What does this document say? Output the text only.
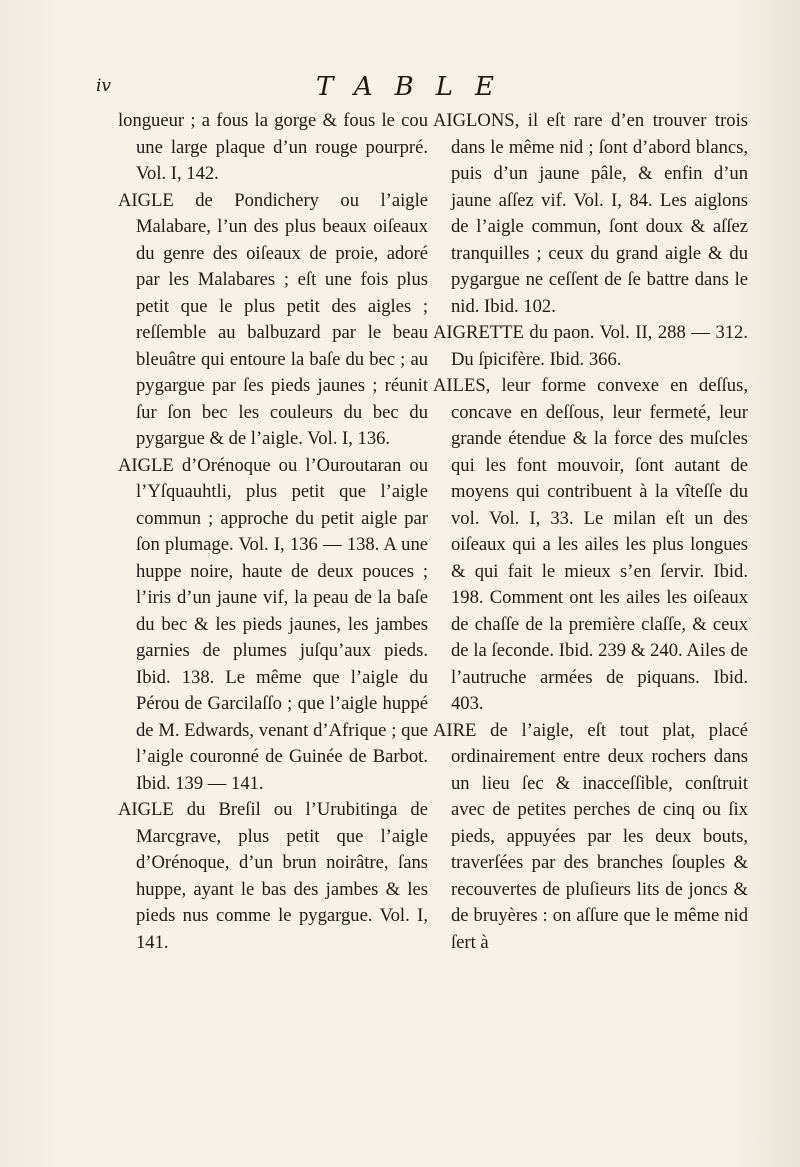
iv	TABLE

longueur ; a fous la gorge & fous le cou une large plaque d’un rouge pourpré. Vol. I, 142.

AIGLE de Pondichery ou l’aigle Malabare, l’un des plus beaux oiſeaux du genre des oiſeaux de proie, adoré par les Malabares ; eſt une fois plus petit que le plus petit des aigles ; reſſemble au balbuzard par le beau bleuâtre qui entoure la baſe du bec ; au pygargue par ſes pieds jaunes ; réunit ſur ſon bec les couleurs du bec du pygargue & de l’aigle. Vol. I, 136.

AIGLE d’Orénoque ou l’Ouroutaran ou l’Yſquauhtli, plus petit que l’aigle commun ; approche du petit aigle par ſon plumage. Vol. I, 136 — 138. A une huppe noire, haute de deux pouces ; l’iris d’un jaune vif, la peau de la baſe du bec & les pieds jaunes, les jambes garnies de plumes juſqu’aux pieds. Ibid. 138. Le même que l’aigle du Pérou de Garcilaſſo ; que l’aigle huppé de M. Edwards, venant d’Afrique ; que l’aigle couronné de Guinée de Barbot. Ibid. 139 — 141.

AIGLE du Breſil ou l’Urubitinga de Marcgrave, plus petit que l’aigle d’Orénoque, d’un brun noirâtre, ſans huppe, ayant le bas des jambes & les pieds nus comme le pygargue. Vol. I, 141.

AIGLONS, il eſt rare d’en trouver trois dans le même nid ; ſont d’abord blancs, puis d’un jaune pâle, & enfin d’un jaune aſſez vif. Vol. I, 84. Les aiglons de l’aigle commun, ſont doux & aſſez tranquilles ; ceux du grand aigle & du pygargue ne ceſſent de ſe battre dans le nid. Ibid. 102.

AIGRETTE du paon. Vol. II, 288 — 312. Du ſpicifère. Ibid. 366.

AILES, leur forme convexe en deſſus, concave en deſſous, leur fermeté, leur grande étendue & la force des muſcles qui les font mouvoir, ſont autant de moyens qui contribuent à la vîteſſe du vol. Vol. I, 33. Le milan eſt un des oiſeaux qui a les ailes les plus longues & qui fait le mieux s’en ſervir. Ibid. 198. Comment ont les ailes les oiſeaux de chaſſe de la première claſſe, & ceux de la ſeconde. Ibid. 239 & 240. Ailes de l’autruche armées de piquans. Ibid. 403.

AIRE de l’aigle, eſt tout plat, placé ordinairement entre deux rochers dans un lieu ſec & inacceſſible, conſtruit avec de petites perches de cinq ou ſix pieds, appuyées par les deux bouts, traverſées par des branches ſouples & recouvertes de pluſieurs lits de joncs & de bruyères : on aſſure que le même nid ſert à
